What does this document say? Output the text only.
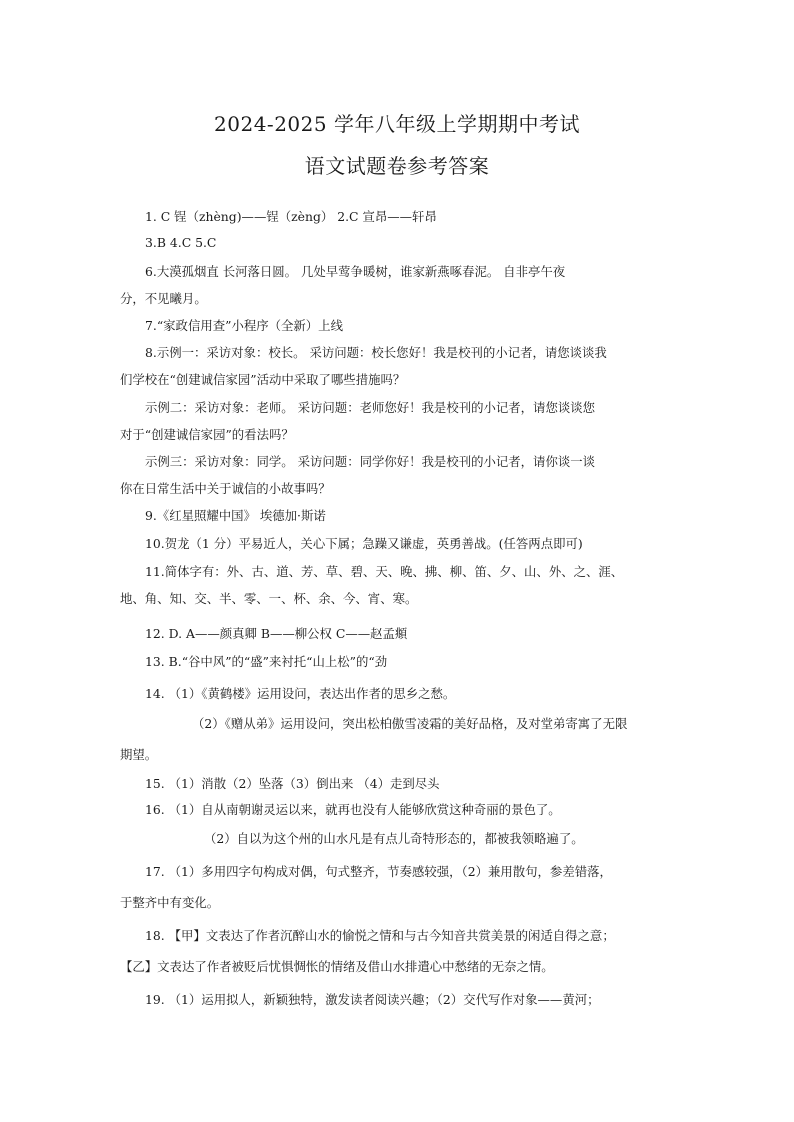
2024-2025 学年八年级上学期期中考试
语文试题卷参考答案
1. C 锃（zhèng)——锃（zèng） 2.C 宣昂——轩昂
3.B 4.C 5.C
6.大漠孤烟直 长河落日圆。 几处早莺争暖树，谁家新燕啄春泥。 自非亭午夜
分，不见曦月。
7.“家政信用查”小程序（全新）上线
8.示例一：采访对象：校长。 采访问题：校长您好！我是校刊的小记者，请您谈谈我
们学校在“创建诚信家园”活动中采取了哪些措施吗？
示例二：采访对象：老师。 采访问题：老师您好！我是校刊的小记者，请您谈谈您
对于“创建诚信家园”的看法吗？
示例三：采访对象：同学。 采访问题：同学你好！我是校刊的小记者，请你谈一谈
你在日常生活中关于诚信的小故事吗？
9.《红星照耀中国》 埃德加·斯诺
10.贺龙（1 分）平易近人，关心下属；急躁又谦虚，英勇善战。(任答两点即可)
11.简体字有：外、古、道、芳、草、碧、天、晚、拂、柳、笛、夕、山、外、之、涯、
地、角、知、交、半、零、一、杯、余、今、宵、寒。
12. D. A——颜真卿 B——柳公权 C——赵孟頫
13. B.“谷中风”的“盛”来衬托“山上松”的“劲
14. （1）《黄鹤楼》运用设问，表达出作者的思乡之愁。
（2）《赠从弟》运用设问，突出松柏傲雪凌霜的美好品格，及对堂弟寄寓了无限
期望。
15. （1）消散（2）坠落（3）倒出来 （4）走到尽头
16. （1）自从南朝谢灵运以来，就再也没有人能够欣赏这种奇丽的景色了。
（2）自以为这个州的山水凡是有点儿奇特形态的，都被我领略遍了。
17. （1）多用四字句构成对偶，句式整齐，节奏感较强，（2）兼用散句，参差错落，
于整齐中有变化。
18. 【甲】文表达了作者沉醉山水的愉悦之情和与古今知音共赏美景的闲适自得之意；
【乙】文表达了作者被贬后忧惧惆怅的情绪及借山水排遣心中愁绪的无奈之情。
19. （1）运用拟人，新颖独特，激发读者阅读兴趣；（2）交代写作对象——黄河；
